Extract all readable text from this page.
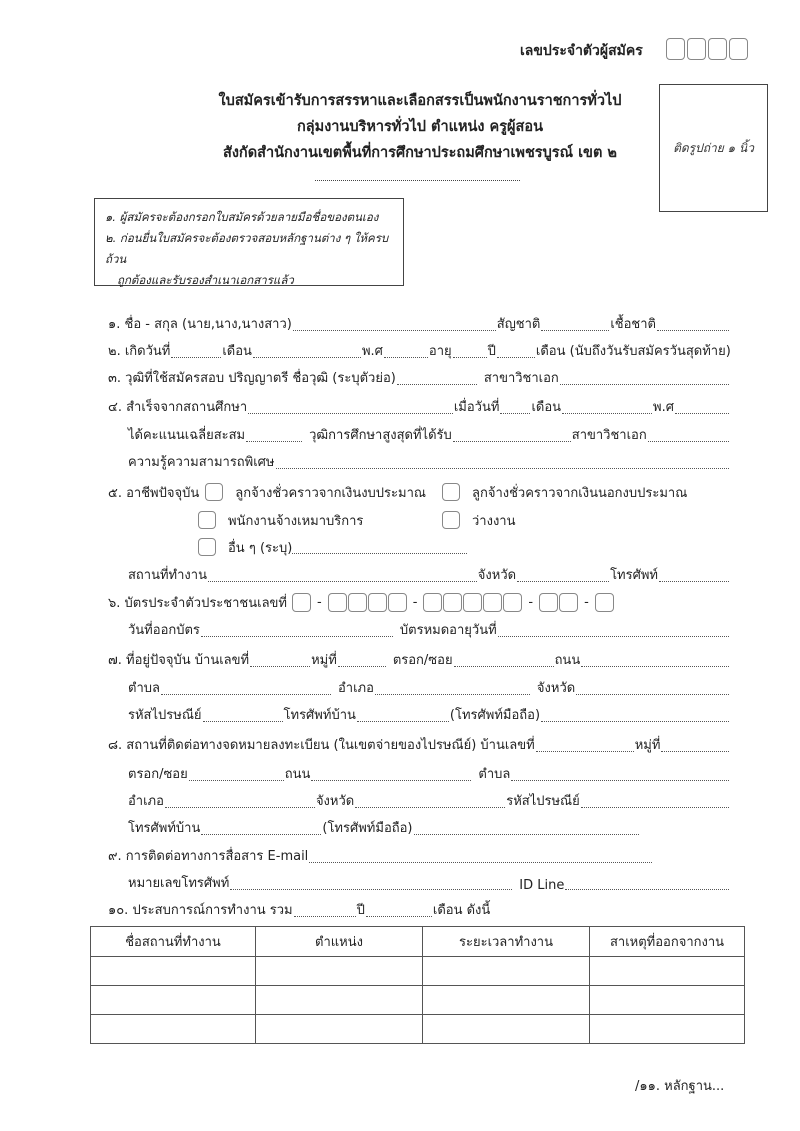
เลขประจำตัวผู้สมัคร
ใบสมัครเข้ารับการสรรหาและเลือกสรรเป็นพนักงานราชการทั่วไป
กลุ่มงานบริหารทั่วไป ตำแหน่ง ครูผู้สอน
สังกัดสำนักงานเขตพื้นที่การศึกษาประถมศึกษาเพชรบูรณ์ เขต ๒	ติดรูปถ่าย ๑ นิ้ว
๑. ผู้สมัครจะต้องกรอกใบสมัครด้วยลายมือชื่อของตนเอง
๒. ก่อนยื่นใบสมัครจะต้องตรวจสอบหลักฐานต่าง ๆ ให้ครบถ้วน
ถูกต้องและรับรองสำเนาเอกสารแล้ว
๑. ชื่อ - สกุล (นาย,นาง,นางสาว)	สัญชาติ	เชื้อชาติ
๒. เกิดวันที่	เดือน	พ.ศ	อายุ	ปี	เดือน (นับถึงวันรับสมัครวันสุดท้าย)
๓. วุฒิที่ใช้สมัครสอบ ปริญญาตรี ชื่อวุฒิ (ระบุตัวย่อ)	สาขาวิชาเอก
๔. สำเร็จจากสถานศึกษา	เมื่อวันที่ เดือน	พ.ศ
ได้คะแนนเฉลี่ยสะสม	วุฒิการศึกษาสูงสุดที่ได้รับ	สาขาวิชาเอก
ความรู้ความสามารถพิเศษ
๕. อาชีพปัจจุบัน	ลูกจ้างชั่วคราวจากเงินงบประมาณ	ลูกจ้างชั่วคราวจากเงินนอกงบประมาณ
พนักงานจ้างเหมาบริการ	ว่างงาน
อื่น ๆ (ระบุ)
สถานที่ทำงาน	จังหวัด	โทรศัพท์
๖. บัตรประจำตัวประชาชนเลขที่ -	-	-	-
วันที่ออกบัตร	บัตรหมดอายุวันที่
๗. ที่อยู่ปัจจุบัน บ้านเลขที่	หมู่ที่	ตรอก/ซอย	ถนน
ตำบล	อำเภอ	จังหวัด
รหัสไปรษณีย์	โทรศัพท์บ้าน	(โทรศัพท์มือถือ)
๘. สถานที่ติดต่อทางจดหมายลงทะเบียน (ในเขตจ่ายของไปรษณีย์) บ้านเลขที่	หมู่ที่
ตรอก/ซอย	ถนน	ตำบล
อำเภอ	จังหวัด	รหัสไปรษณีย์
โทรศัพท์บ้าน	(โทรศัพท์มือถือ)
๙. การติดต่อทางการสื่อสาร E-mail
หมายเลขโทรศัพท์	ID Line
๑๐. ประสบการณ์การทำงาน รวม	ปี	เดือน ดังนี้
ชื่อสถานที่ทำงาน	ตำแหน่ง	ระยะเวลาทำงาน	สาเหตุที่ออกจากงาน

/๑๑. หลักฐาน...
